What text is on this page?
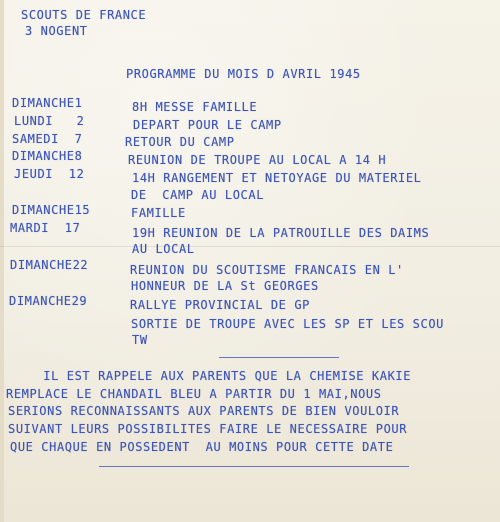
SCOUTS DE FRANCE
3 NOGENT
PROGRAMME DU MOIS D AVRIL 1945
DIMANCHE1	8H MESSE FAMILLE
LUNDI   2	DEPART POUR LE CAMP
SAMEDI  7	RETOUR DU CAMP
DIMANCHE8	REUNION DE TROUPE AU LOCAL A 14 H
JEUDI  12	14H RANGEMENT ET NETOYAGE DU MATERIEL
DE  CAMP AU LOCAL
DIMANCHE15	FAMILLE
MARDI  17	19H REUNION DE LA PATROUILLE DES DAIMS
AU LOCAL
DIMANCHE22	REUNION DU SCOUTISME FRANCAIS EN L'
HONNEUR DE LA St GEORGES
DIMANCHE29	RALLYE PROVINCIAL DE GP
SORTIE DE TROUPE AVEC LES SP ET LES SCOU
TW
IL EST RAPPELE AUX PARENTS QUE LA CHEMISE KAKIE
REMPLACE LE CHANDAIL BLEU A PARTIR DU 1 MAI,NOUS
SERIONS RECONNAISSANTS AUX PARENTS DE BIEN VOULOIR
SUIVANT LEURS POSSIBILITES FAIRE LE NECESSAIRE POUR
QUE CHAQUE EN POSSEDENT  AU MOINS POUR CETTE DATE
